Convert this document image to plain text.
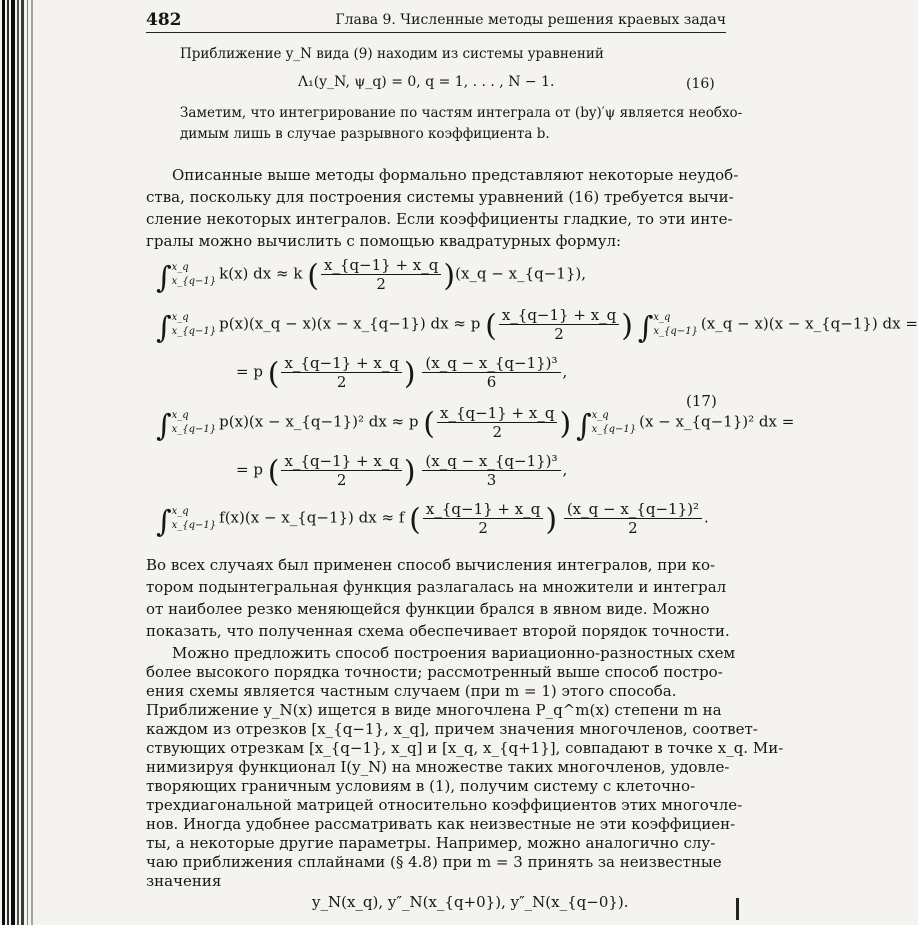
482	Глава 9. Численные методы решения краевых задач
Приближение y_N вида (9) находим из системы уравнений
Λ₁(y_N, ψ_q) = 0, q = 1, . . . , N − 1.	(16)
Заметим, что интегрирование по частям интеграла от (by)′ψ является необхо-
димым лишь в случае разрывного коэффициента b.
Описанные выше методы формально представляют некоторые неудоб-
ства, поскольку для построения системы уравнений (16) требуется вычи-
сление некоторых интегралов. Если коэффициенты гладкие, то эти инте-
гралы можно вычислить с помощью квадратурных формул:
∫ x_q
x_{q−1} k(x) dx ≈ k ( $\frac{x\_\{q-1\} + x\_q}{2}$ )(x_q − x_{q−1}),
∫ x_q
x_{q−1} p(x)(x_q − x)(x − x_{q−1}) dx ≈ p ( $\frac{x\_\{q-1\} + x\_q}{2}$ ) ∫ x_q
x_{q−1} (x_q − x)(x − x_{q−1}) dx =
= p ( $\frac{x\_\{q-1\} + x\_q}{2}$ ) $\frac{\text{(x\_q − x\_\{q−1\})³}}{6}$ ,
(17)
∫ x_q
x_{q−1} p(x)(x − x_{q−1})² dx ≈ p ( $\frac{x\_\{q-1\} + x\_q}{2}$ ) ∫ x_q
x_{q−1} (x − x_{q−1})² dx =
= p ( $\frac{x\_\{q-1\} + x\_q}{2}$ ) $\frac{\text{(x\_q − x\_\{q−1\})³}}{3}$ ,
∫ x_q
x_{q−1} f(x)(x − x_{q−1}) dx ≈ f ( $\frac{x\_\{q-1\} + x\_q}{2}$ ) $\frac{\text{(x\_q − x\_\{q−1\})²}}{2}$ .
Во всех случаях был применен способ вычисления интегралов, при ко-
тором подынтегральная функция разлагалась на множители и интеграл
от наиболее резко меняющейся функции брался в явном виде. Можно
показать, что полученная схема обеспечивает второй порядок точности.
Можно предложить способ построения вариационно-разностных схем
более высокого порядка точности; рассмотренный выше способ постро-
ения схемы является частным случаем (при m = 1) этого способа.
Приближение y_N(x) ищется в виде многочлена P_q^m(x) степени m на
каждом из отрезков [x_{q−1}, x_q], причем значения многочленов, соответ-
ствующих отрезкам [x_{q−1}, x_q] и [x_q, x_{q+1}], совпадают в точке x_q. Ми-
нимизируя функционал I(y_N) на множестве таких многочленов, удовле-
творяющих граничным условиям в (1), получим систему с клеточно-
трехдиагональной матрицей относительно коэффициентов этих многочле-
нов. Иногда удобнее рассматривать как неизвестные не эти коэффициен-
ты, а некоторые другие параметры. Например, можно аналогично слу-
чаю приближения сплайнами (§ 4.8) при m = 3 принять за неизвестные
значения
y_N(x_q), y″_N(x_{q+0}), y″_N(x_{q−0}).
